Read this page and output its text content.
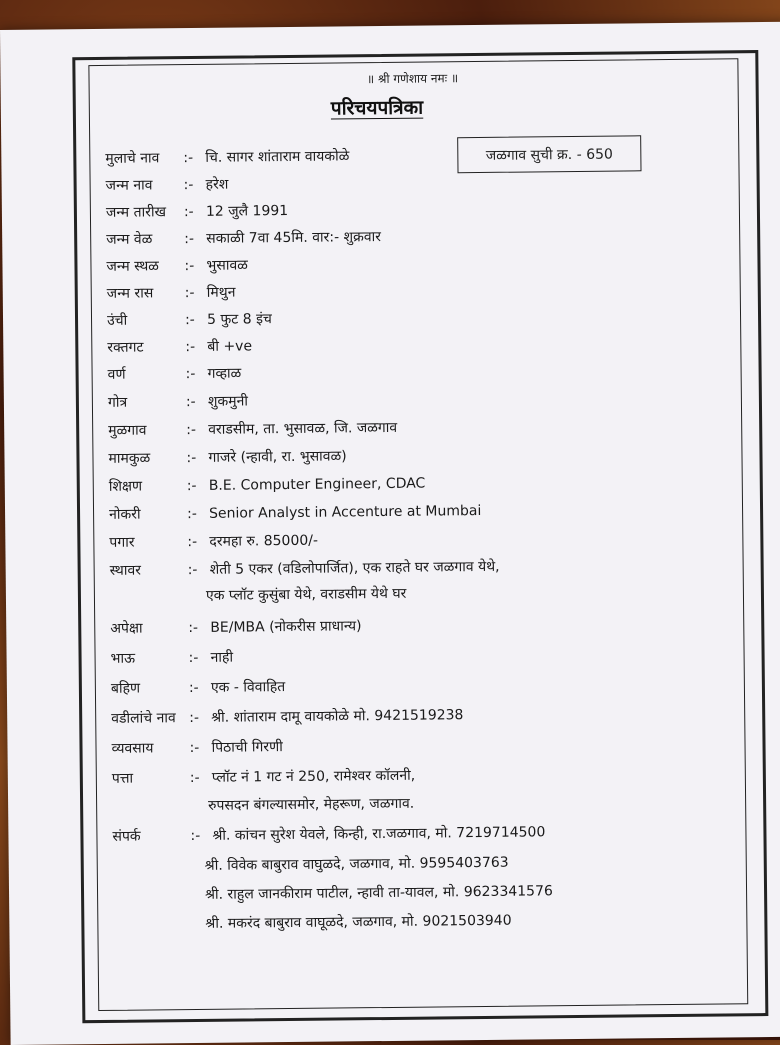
॥ श्री गणेशाय नमः ॥
परिचयपत्रिका
जळगाव सुची क्र. - 650
मुलाचे नाव :- चि. सागर शांताराम वायकोळे
जन्म नाव :- हरेश
जन्म तारीख :- 12 जुलै 1991
जन्म वेळ :- सकाळी 7वा 45मि. वार:- शुक्रवार
जन्म स्थळ :- भुसावळ
जन्म रास :- मिथुन
उंची	:- 5 फुट 8 इंच
रक्तगट	:- बी +ve
वर्ण	:- गव्हाळ
गोत्र	:- शुकमुनी
मुळगाव	:- वराडसीम, ता. भुसावळ, जि. जळगाव
मामकुळ	:- गाजरे (न्हावी, रा. भुसावळ)
शिक्षण	:- B.E. Computer Engineer, CDAC
नोकरी	:- Senior Analyst in Accenture at Mumbai
पगार	:- दरमहा रु. 85000/-
स्थावर	:- शेती 5 एकर (वडिलोपार्जित), एक राहते घर जळगाव येथे,
एक प्लॉट कुसुंबा येथे, वराडसीम येथे घर
अपेक्षा	:- BE/MBA (नोकरीस प्राधान्य)
भाऊ	:- नाही
बहिण	:- एक - विवाहित
वडीलांचे नाव :- श्री. शांताराम दामू वायकोळे मो. 9421519238
व्यवसाय	:- पिठाची गिरणी
पत्ता	:- प्लॉट नं 1 गट नं 250, रामेश्वर कॉलनी,
रुपसदन बंगल्यासमोर, मेहरूण, जळगाव.
संपर्क	:- श्री. कांचन सुरेश येवले, किन्ही, रा.जळगाव, मो. 7219714500
श्री. विवेक बाबुराव वाघुळदे, जळगाव, मो. 9595403763
श्री. राहुल जानकीराम पाटील, न्हावी ता-यावल, मो. 9623341576
श्री. मकरंद बाबुराव वाघूळदे, जळगाव, मो. 9021503940
